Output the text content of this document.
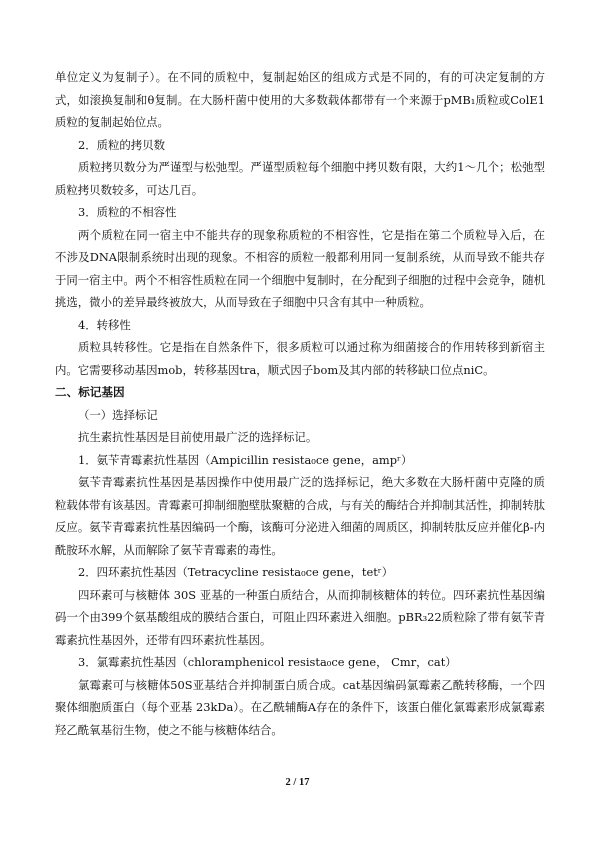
单位定义为复制子）。在不同的质粒中，复制起始区的组成方式是不同的，有的可决定复制的方式，如滚换复制和θ复制。在大肠杆菌中使用的大多数载体都带有一个来源于pMB₁质粒或ColE1质粒的复制起始位点。

2．质粒的拷贝数

质粒拷贝数分为严谨型与松弛型。严谨型质粒每个细胞中拷贝数有限，大约1～几个；松弛型质粒拷贝数较多，可达几百。

3．质粒的不相容性

两个质粒在同一宿主中不能共存的现象称质粒的不相容性，它是指在第二个质粒导入后，在不涉及DNA限制系统时出现的现象。不相容的质粒一般都利用同一复制系统，从而导致不能共存于同一宿主中。两个不相容性质粒在同一个细胞中复制时，在分配到子细胞的过程中会竞争，随机挑选，微小的差异最终被放大，从而导致在子细胞中只含有其中一种质粒。

4．转移性

质粒具转移性。它是指在自然条件下，很多质粒可以通过称为细菌接合的作用转移到新宿主内。它需要移动基因mob，转移基因tra，顺式因子bom及其内部的转移缺口位点niC。

二、标记基因

（一）选择标记

抗生素抗性基因是目前使用最广泛的选择标记。

1．氨苄青霉素抗性基因（Ampicillin resista₀ce gene，ampʳ）

氨苄青霉素抗性基因是基因操作中使用最广泛的选择标记，绝大多数在大肠杆菌中克隆的质粒载体带有该基因。青霉素可抑制细胞壁肽聚糖的合成，与有关的酶结合并抑制其活性，抑制转肽反应。氨苄青霉素抗性基因编码一个酶，该酶可分泌进入细菌的周质区，抑制转肽反应并催化β-内酰胺环水解，从而解除了氨苄青霉素的毒性。

2．四环素抗性基因（Tetracycline resista₀ce gene，tetʳ）

四环素可与核糖体 30S 亚基的一种蛋白质结合，从而抑制核糖体的转位。四环素抗性基因编码一个由399个氨基酸组成的膜结合蛋白，可阻止四环素进入细胞。pBR₃22质粒除了带有氨苄青霉素抗性基因外，还带有四环素抗性基因。

3．氯霉素抗性基因（chloramphenicol resista₀ce gene， Cmr，cat）

氯霉素可与核糖体50S亚基结合并抑制蛋白质合成。cat基因编码氯霉素乙酰转移酶，一个四聚体细胞质蛋白（每个亚基 23kDa）。在乙酰辅酶A存在的条件下，该蛋白催化氯霉素形成氯霉素羟乙酰氧基衍生物，使之不能与核糖体结合。

2 / 17
